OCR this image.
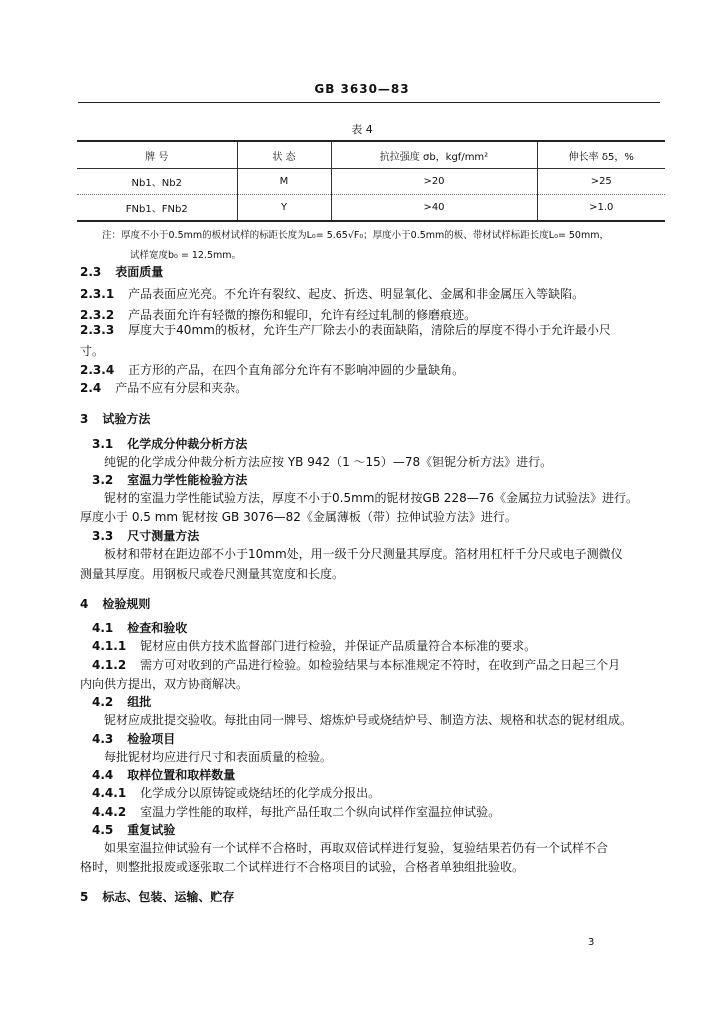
GB 3630—83
表 4
牌 号	状 态	抗拉强度 σb，kgf/mm²	伸长率 δ5，%
Nb1、Nb2	M	>20	>25
FNb1、FNb2	Y	>40	>1.0
注：厚度不小于0.5mm的板材试样的标距长度为L₀= 5.65√F₀；厚度小于0.5mm的板、带材试样标距长度L₀= 50mm，
试样宽度b₀ = 12.5mm。
2.3 表面质量
2.3.1 产品表面应光亮。不允许有裂纹、起皮、折迭、明显氧化、金属和非金属压入等缺陷。
2.3.2 产品表面允许有轻微的擦伤和辊印，允许有经过轧制的修磨痕迹。
2.3.3 厚度大于40mm的板材，允许生产厂除去小的表面缺陷，清除后的厚度不得小于允许最小尺
寸。
2.3.4 正方形的产品，在四个直角部分允许有不影响冲圆的少量缺角。
2.4 产品不应有分层和夹杂。
3 试验方法
3.1 化学成分仲裁分析方法
纯铌的化学成分仲裁分析方法应按 YB 942（1 ～15）—78《钽铌分析方法》进行。
3.2 室温力学性能检验方法
铌材的室温力学性能试验方法，厚度不小于0.5mm的铌材按GB 228—76《金属拉力试验法》进行。
厚度小于 0.5 mm 铌材按 GB 3076—82《金属薄板（带）拉伸试验方法》进行。
3.3 尺寸测量方法
板材和带材在距边部不小于10mm处，用一级千分尺测量其厚度。箔材用杠杆千分尺或电子测微仪
测量其厚度。用钢板尺或卷尺测量其宽度和长度。
4 检验规则
4.1 检查和验收
4.1.1 铌材应由供方技术监督部门进行检验，并保证产品质量符合本标准的要求。
4.1.2 需方可对收到的产品进行检验。如检验结果与本标准规定不符时，在收到产品之日起三个月
内向供方提出，双方协商解决。
4.2 组批
铌材应成批提交验收。每批由同一牌号、熔炼炉号或烧结炉号、制造方法、规格和状态的铌材组成。
4.3 检验项目
每批铌材均应进行尺寸和表面质量的检验。
4.4 取样位置和取样数量
4.4.1 化学成分以原铸锭或烧结坯的化学成分报出。
4.4.2 室温力学性能的取样，每批产品任取二个纵向试样作室温拉伸试验。
4.5 重复试验
如果室温拉伸试验有一个试样不合格时，再取双倍试样进行复验，复验结果若仍有一个试样不合
格时，则整批报废或逐张取二个试样进行不合格项目的试验，合格者单独组批验收。
5 标志、包装、运输、贮存
3
